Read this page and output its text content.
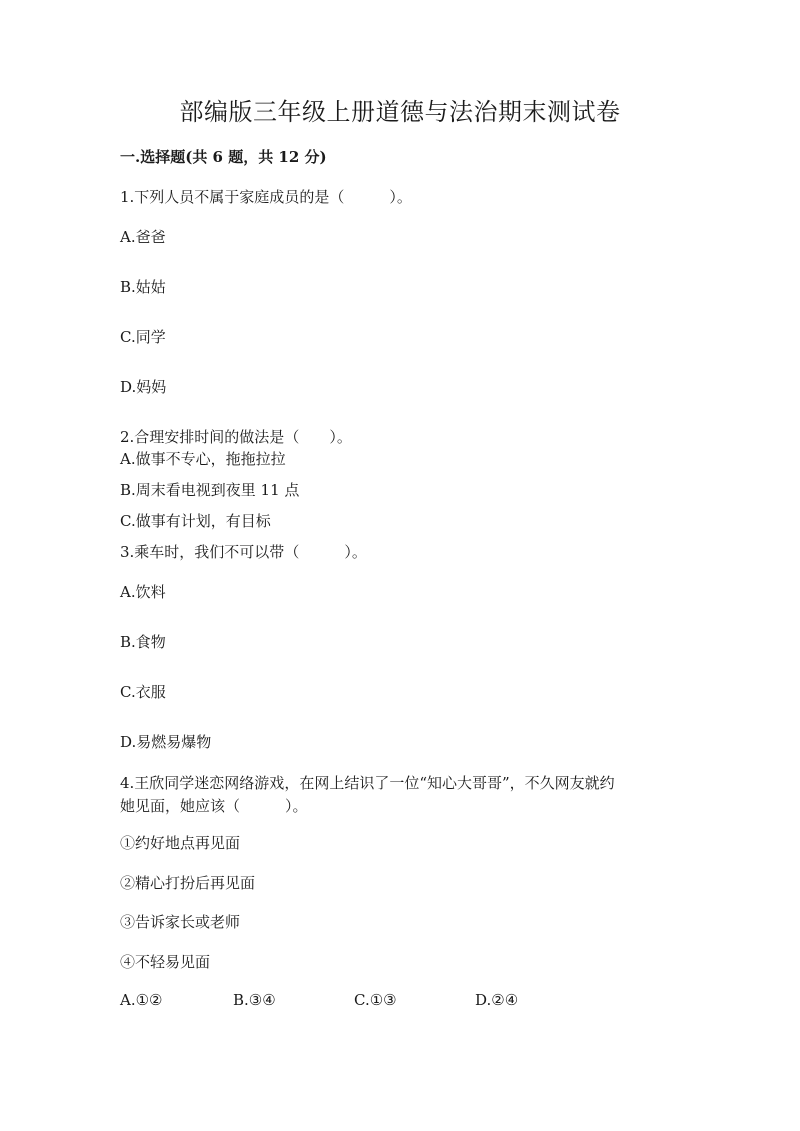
部编版三年级上册道德与法治期末测试卷

一.选择题(共 6 题，共 12 分)

1.下列人员不属于家庭成员的是（　　　）。

A.爸爸

B.姑姑

C.同学

D.妈妈

2.合理安排时间的做法是（　　）。

A.做事不专心，拖拖拉拉

B.周末看电视到夜里 11 点

C.做事有计划，有目标

3.乘车时，我们不可以带（　　　）。

A.饮料

B.食物

C.衣服

D.易燃易爆物

4.王欣同学迷恋网络游戏，在网上结识了一位“知心大哥哥”，不久网友就约

她见面，她应该（　　　）。

①约好地点再见面

②精心打扮后再见面

③告诉家长或老师

④不轻易见面

A.①②	B.③④	C.①③	D.②④
